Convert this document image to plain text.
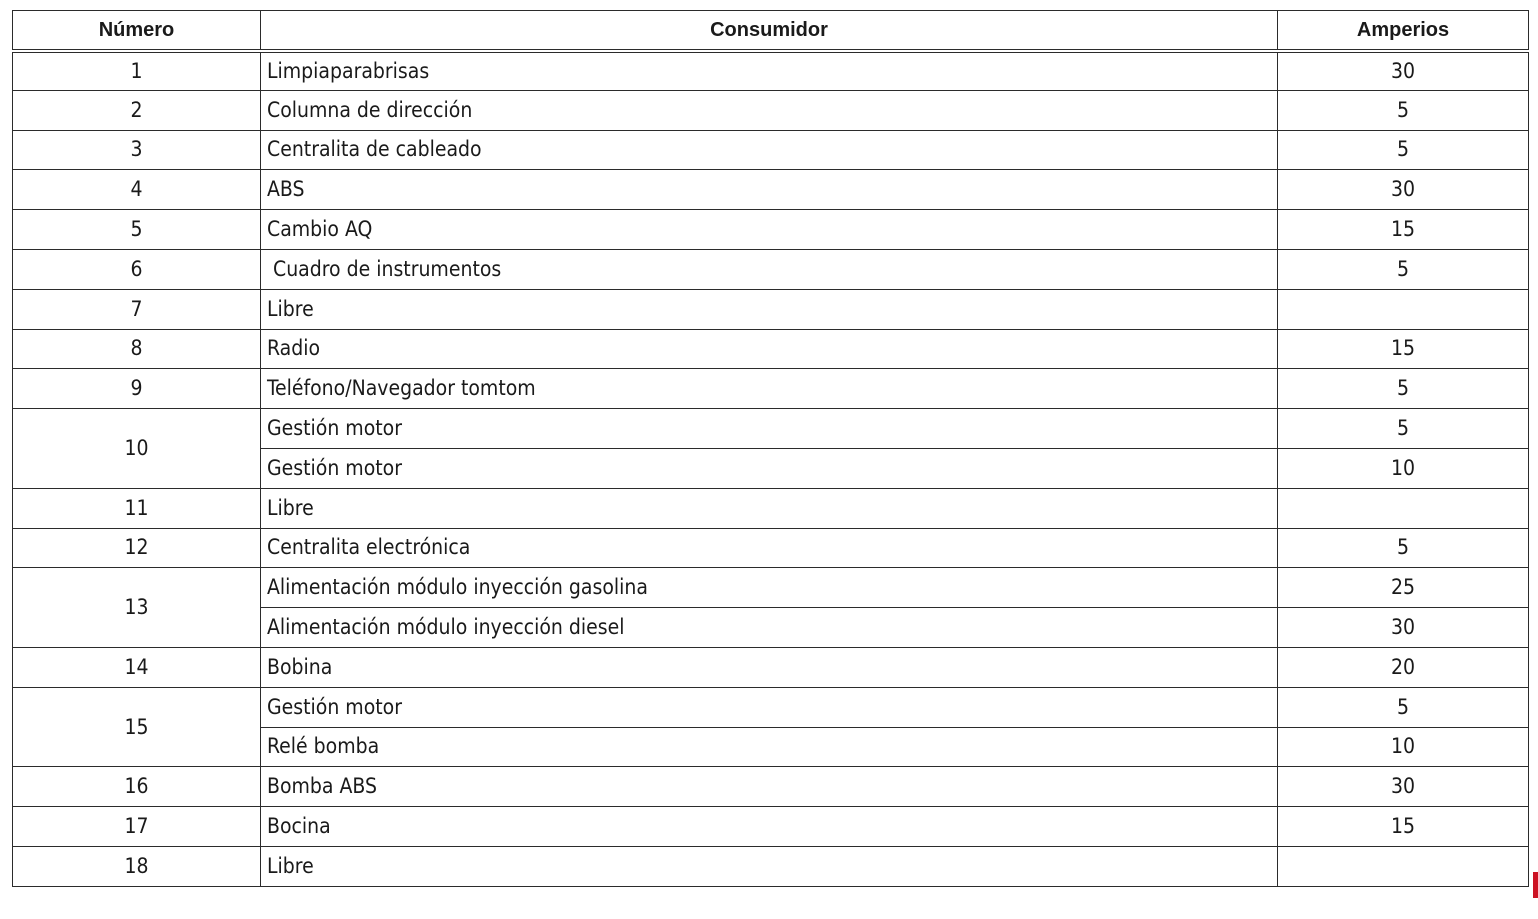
Número	Consumidor	Amperios
1	Limpiaparabrisas	30
2	Columna de dirección	5
3	Centralita de cableado	5
4	ABS	30
5	Cambio AQ	15
6	Cuadro de instrumentos	5
7	Libre	
8	Radio	15
9	Teléfono/Navegador tomtom	5
10	Gestión motor	5
	Gestión motor	10
11	Libre	
12	Centralita electrónica	5
13	Alimentación módulo inyección gasolina	25
	Alimentación módulo inyección diesel	30
14	Bobina	20
15	Gestión motor	5
	Relé bomba	10
16	Bomba ABS	30
17	Bocina	15
18	Libre	
